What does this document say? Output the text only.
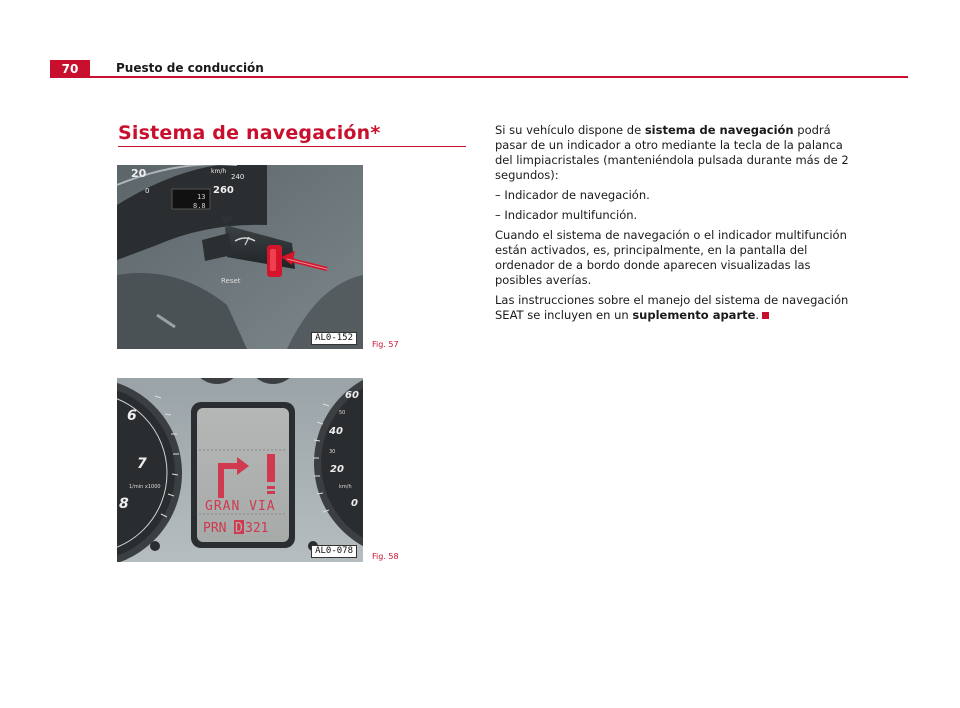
70	Puesto de conducción
Sistema de navegación*
20
0
km/h
240
260
13
8.8
Reset
AL0-152
Fig. 57
6
7
8
1/min x1000
60
50
40
30
20
km/h
0
GRAN VIA
PRN D 321
AL0-078
Fig. 58

Si su vehículo dispone de sistema de navegación podrá pasar de un indicador a otro mediante la tecla de la palanca del limpiacristales (manteniéndola pulsada durante más de 2 segundos):

– Indicador de navegación.

– Indicador multifunción.

Cuando el sistema de navegación o el indicador multifunción están activados, es, principalmente, en la pantalla del ordenador de a bordo donde aparecen visualizadas las posibles averías.

Las instrucciones sobre el manejo del sistema de navegación SEAT se incluyen en un suplemento aparte.
